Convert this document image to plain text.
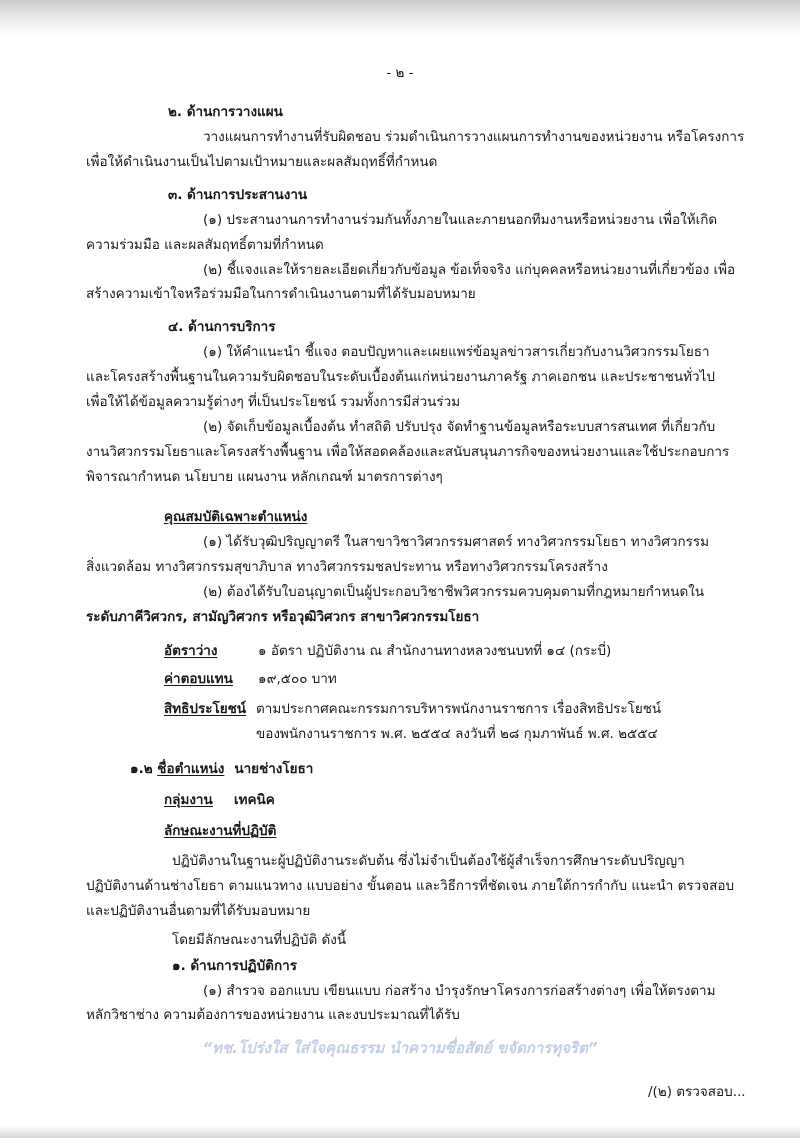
- ๒ -
๒. ด้านการวางแผน
วางแผนการทำงานที่รับผิดชอบ ร่วมดำเนินการวางแผนการทำงานของหน่วยงาน หรือโครงการ
เพื่อให้ดำเนินงานเป็นไปตามเป้าหมายและผลสัมฤทธิ์ที่กำหนด
๓. ด้านการประสานงาน
(๑) ประสานงานการทำงานร่วมกันทั้งภายในและภายนอกทีมงานหรือหน่วยงาน เพื่อให้เกิด
ความร่วมมือ และผลสัมฤทธิ์ตามที่กำหนด
(๒) ชี้แจงและให้รายละเอียดเกี่ยวกับข้อมูล ข้อเท็จจริง แก่บุคคลหรือหน่วยงานที่เกี่ยวข้อง เพื่อ
สร้างความเข้าใจหรือร่วมมือในการดำเนินงานตามที่ได้รับมอบหมาย
๔. ด้านการบริการ
(๑) ให้คำแนะนำ ชี้แจง ตอบปัญหาและเผยแพร่ข้อมูลข่าวสารเกี่ยวกับงานวิศวกรรมโยธา
และโครงสร้างพื้นฐานในความรับผิดชอบในระดับเบื้องต้นแก่หน่วยงานภาครัฐ ภาคเอกชน และประชาชนทั่วไป
เพื่อให้ได้ข้อมูลความรู้ต่างๆ ที่เป็นประโยชน์ รวมทั้งการมีส่วนร่วม
(๒) จัดเก็บข้อมูลเบื้องต้น ทำสถิติ ปรับปรุง จัดทำฐานข้อมูลหรือระบบสารสนเทศ ที่เกี่ยวกับ
งานวิศวกรรมโยธาและโครงสร้างพื้นฐาน เพื่อให้สอดคล้องและสนับสนุนภารกิจของหน่วยงานและใช้ประกอบการ
พิจารณากำหนด นโยบาย แผนงาน หลักเกณฑ์ มาตรการต่างๆ
คุณสมบัติเฉพาะตำแหน่ง
(๑) ได้รับวุฒิปริญญาตรี ในสาขาวิชาวิศวกรรมศาสตร์ ทางวิศวกรรมโยธา ทางวิศวกรรม
สิ่งแวดล้อม ทางวิศวกรรมสุขาภิบาล ทางวิศวกรรมชลประทาน หรือทางวิศวกรรมโครงสร้าง
(๒) ต้องได้รับใบอนุญาตเป็นผู้ประกอบวิชาชีพวิศวกรรมควบคุมตามที่กฎหมายกำหนดใน
ระดับภาคีวิศวกร, สามัญวิศวกร หรือวุฒิวิศวกร สาขาวิศวกรรมโยธา
อัตราว่าง	๑ อัตรา ปฏิบัติงาน ณ สำนักงานทางหลวงชนบทที่ ๑๔ (กระบี่)
ค่าตอบแทน ๑๙,๕๐๐ บาท
สิทธิประโยชน์ ตามประกาศคณะกรรมการบริหารพนักงานราชการ เรื่องสิทธิประโยชน์
ของพนักงานราชการ พ.ศ. ๒๕๕๔ ลงวันที่ ๒๘ กุมภาพันธ์ พ.ศ. ๒๕๕๔
๑.๒ ชื่อตำแหน่ง นายช่างโยธา
กลุ่มงาน เทคนิค
ลักษณะงานที่ปฏิบัติ
ปฏิบัติงานในฐานะผู้ปฏิบัติงานระดับต้น ซึ่งไม่จำเป็นต้องใช้ผู้สำเร็จการศึกษาระดับปริญญา
ปฏิบัติงานด้านช่างโยธา ตามแนวทาง แบบอย่าง ขั้นตอน และวิธีการที่ชัดเจน ภายใต้การกำกับ แนะนำ ตรวจสอบ
และปฏิบัติงานอื่นตามที่ได้รับมอบหมาย
โดยมีลักษณะงานที่ปฏิบัติ ดังนี้
๑. ด้านการปฏิบัติการ
(๑) สำรวจ ออกแบบ เขียนแบบ ก่อสร้าง บำรุงรักษาโครงการก่อสร้างต่างๆ เพื่อให้ตรงตาม
หลักวิชาช่าง ความต้องการของหน่วยงาน และงบประมาณที่ได้รับ
“ทช.โปร่งใส ใส่ใจคุณธรรม นำความซื่อสัตย์ ขจัดการทุจริต”
/(๒) ตรวจสอบ...
